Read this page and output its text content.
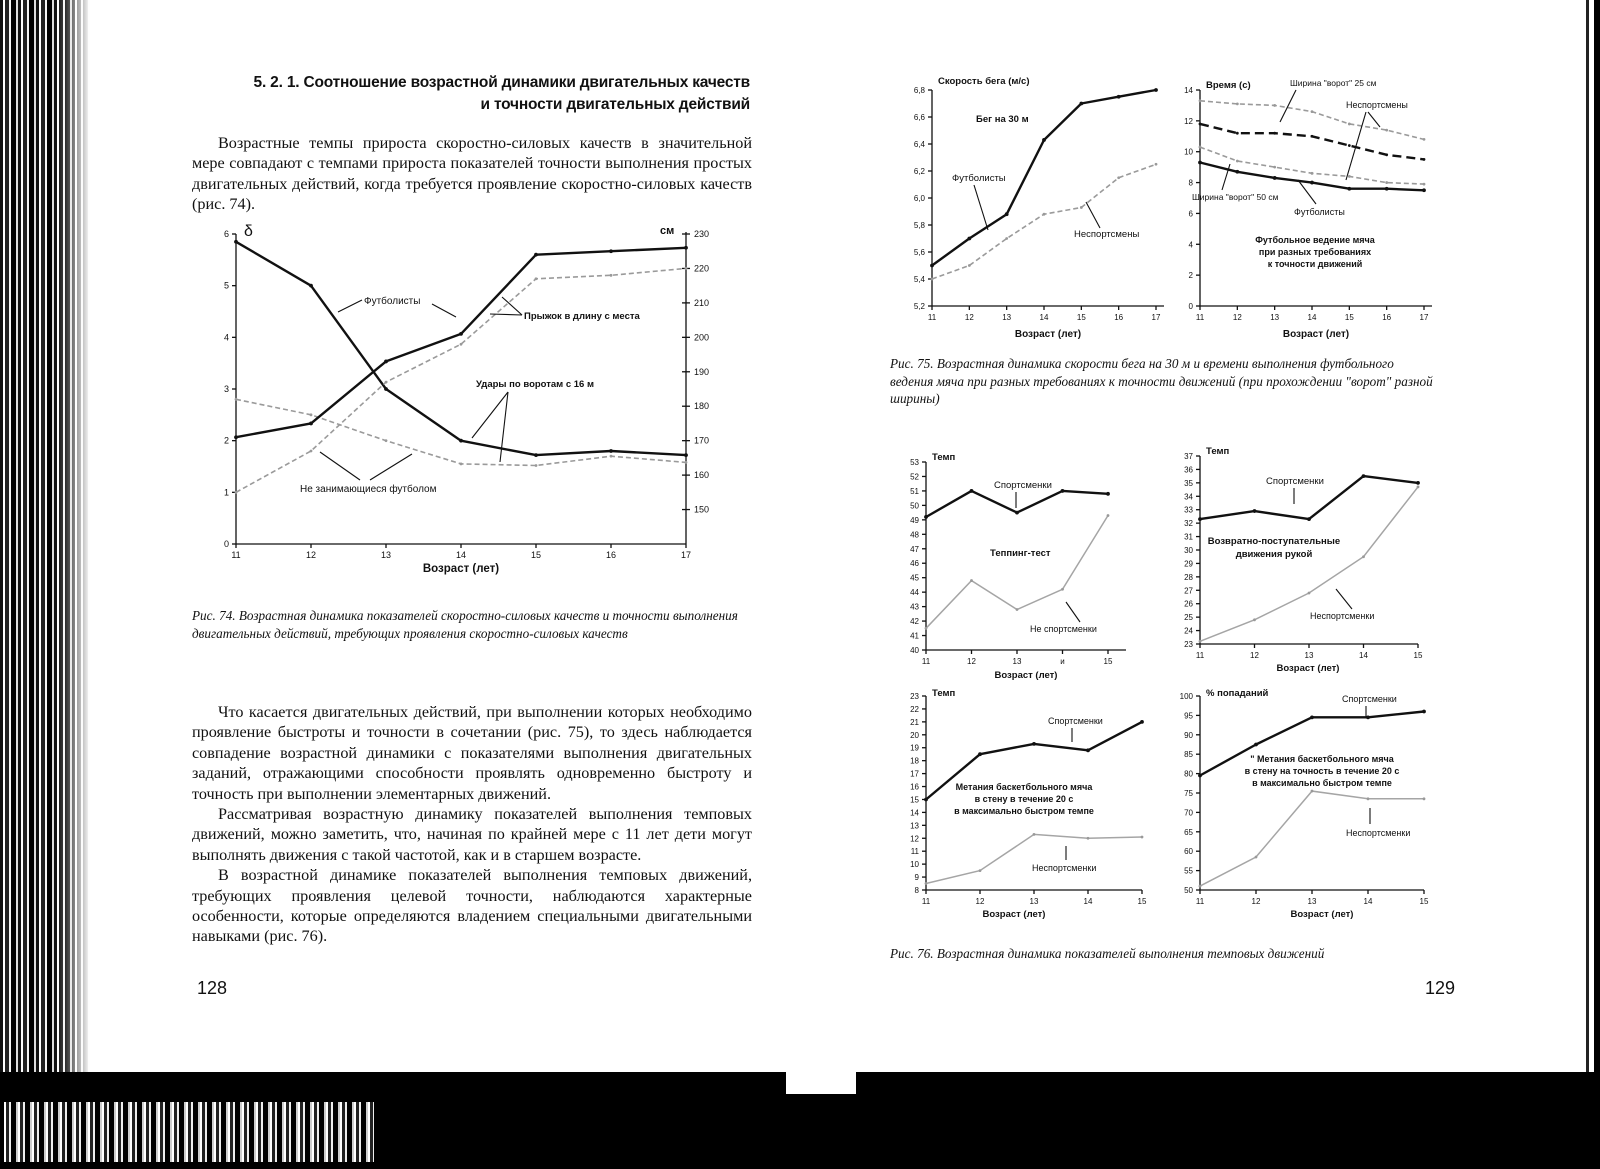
5. 2. 1. Соотношение возрастной динамики двигательных качеств
и точности двигательных действий

Возрастные темпы прироста скоростно-силовых качеств в значительной мере совпадают с темпами прироста показателей точности выполнения простых двигательных действий, когда требуется проявление скоростно-силовых качеств (рис. 74).

0
1
2
3
4
5
6
150
160
170
180
190
200
210
220
230
11	12	13	14	15	16	17
δ	см
Возраст (лет)
Футболисты
Прыжок в длину с места
Удары по воротам с 16 м
Не занимающиеся футболом
Рис. 74. Возрастная динамика показателей скоростно-силовых качеств и точности выполнения двигательных действий, требующих проявления скоростно-силовых качеств

Что касается двигательных действий, при выполнении которых необходимо проявление быстроты и точности в сочетании (рис. 75), то здесь наблюдается совпадение возрастной динамики с показателями выполнения двигательных заданий, отражающими способности проявлять одновременно быстроту и точность при выполнении элементарных движений.

Рассматривая возрастную динамику показателей выполнения темповых движений, можно заметить, что, начиная по крайней мере с 11 лет дети могут выполнять движения с такой частотой, как и в старшем возрасте.

В возрастной динамике показателей выполнения темповых движений, требующих проявления целевой точности, наблюдаются характерные особенности, которые определяются владением специальными двигательными навыками (рис. 76).

128
5,2
5,4
5,6
5,8
6,0
6,2
6,4
6,6
6,8
11	12	13	14	15	16	17
Скорость бега (м/с)
Возраст (лет)
Бег на 30 м
Футболисты
Неспортсмены
0
2
4
6
8
10
12
14
11	12	13	14	15	16	17
Время (с)
Возраст (лет)
Ширина "ворот" 25 см
Неспортсмены
Ширина "ворот" 50 см
Футболисты
Футбольное ведение мяча
при разных требованиях
к точности движений
Рис. 75. Возрастная динамика скорости бега на 30 м и времени выполнения футбольного ведения мяча при разных требованиях к точности движений (при прохождении "ворот" разной ширины)
40
41
42
43
44
45
46
47
48
49
50
51
52
53
11	12	13	и	15
Темп
Возраст (лет)
Спортсменки
Теппинг-тест
Не спортсменки
23
24
25
26
27
28
29
30
31
32
33
34
35
36
37
11	12	13	14	15
Темп
Возраст (лет)
Спортсменки
Возвратно-поступательные
движения рукой
Неспортсменки
8
9
10
11
12
13
14
15
16
17
18
19
20
21
22
23
11	12	13	14	15
Темп
Возраст (лет)
Спортсменки
Метания баскетбольного мяча
в стену в течение 20 с
в максимально быстром темпе
Неспортсменки
50
55
60
65
70
75
80
85
90
95
100
11	12	13	14	15
% попаданий
Возраст (лет)
Спортсменки
" Метания баскетбольного мяча
в стену на точность в течение 20 с
в максимально быстром темпе
Неспортсменки
Рис. 76. Возрастная динамика показателей выполнения темповых движений
129
